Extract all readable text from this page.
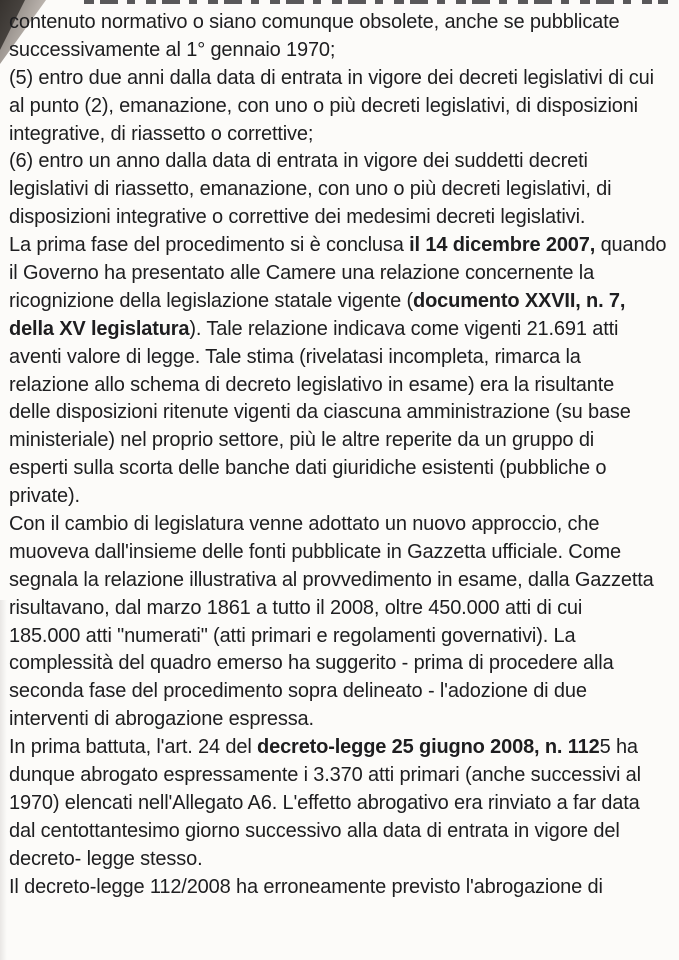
contenuto normativo o siano comunque obsolete, anche se pubblicate
successivamente al 1° gennaio 1970;
(5) entro due anni dalla data di entrata in vigore dei decreti legislativi di cui
al punto (2), emanazione, con uno o più decreti legislativi, di disposizioni
integrative, di riassetto o correttive;
(6) entro un anno dalla data di entrata in vigore dei suddetti decreti
legislativi di riassetto, emanazione, con uno o più decreti legislativi, di
disposizioni integrative o correttive dei medesimi decreti legislativi.
La prima fase del procedimento si è conclusa il 14 dicembre 2007, quando
il Governo ha presentato alle Camere una relazione concernente la
ricognizione della legislazione statale vigente (documento XXVII, n. 7,
della XV legislatura). Tale relazione indicava come vigenti 21.691 atti
aventi valore di legge. Tale stima (rivelatasi incompleta, rimarca la
relazione allo schema di decreto legislativo in esame) era la risultante
delle disposizioni ritenute vigenti da ciascuna amministrazione (su base
ministeriale) nel proprio settore, più le altre reperite da un gruppo di
esperti sulla scorta delle banche dati giuridiche esistenti (pubbliche o
private).
Con il cambio di legislatura venne adottato un nuovo approccio, che
muoveva dall'insieme delle fonti pubblicate in Gazzetta ufficiale. Come
segnala la relazione illustrativa al provvedimento in esame, dalla Gazzetta
risultavano, dal marzo 1861 a tutto il 2008, oltre 450.000 atti di cui
185.000 atti "numerati" (atti primari e regolamenti governativi). La
complessità del quadro emerso ha suggerito - prima di procedere alla
seconda fase del procedimento sopra delineato - l'adozione di due
interventi di abrogazione espressa.
In prima battuta, l'art. 24 del decreto-legge 25 giugno 2008, n. 1125 ha
dunque abrogato espressamente i 3.370 atti primari (anche successivi al
1970) elencati nell'Allegato A6. L'effetto abrogativo era rinviato a far data
dal centottantesimo giorno successivo alla data di entrata in vigore del
decreto- legge stesso.
Il decreto-legge 112/2008 ha erroneamente previsto l'abrogazione di
